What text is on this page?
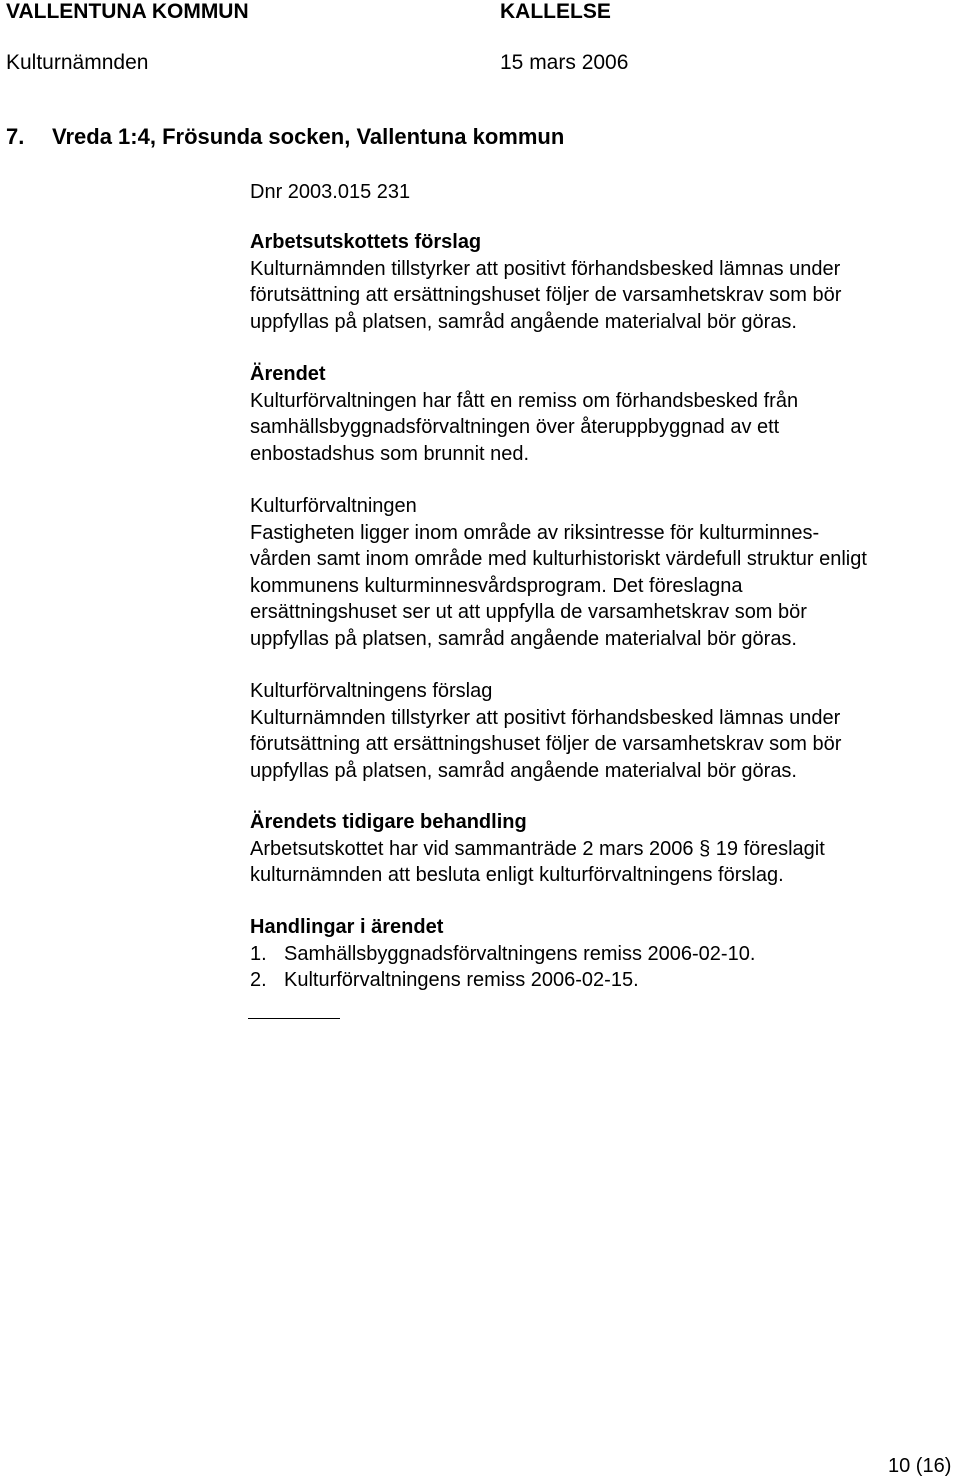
VALLENTUNA KOMMUN	KALLELSE
Kulturnämnden	15 mars 2006
7. Vreda 1:4, Frösunda socken, Vallentuna kommun
Dnr 2003.015 231
Arbetsutskottets förslag
Kulturnämnden tillstyrker att positivt förhandsbesked lämnas under
förutsättning att ersättningshuset följer de varsamhetskrav som bör
uppfyllas på platsen, samråd angående materialval bör göras.
Ärendet
Kulturförvaltningen har fått en remiss om förhandsbesked från
samhällsbyggnadsförvaltningen över återuppbyggnad av ett
enbostadshus som brunnit ned.
Kulturförvaltningen
Fastigheten ligger inom område av riksintresse för kulturminnes-
vården samt inom område med kulturhistoriskt värdefull struktur enligt
kommunens kulturminnesvårdsprogram. Det föreslagna
ersättningshuset ser ut att uppfylla de varsamhetskrav som bör
uppfyllas på platsen, samråd angående materialval bör göras.
Kulturförvaltningens förslag
Kulturnämnden tillstyrker att positivt förhandsbesked lämnas under
förutsättning att ersättningshuset följer de varsamhetskrav som bör
uppfyllas på platsen, samråd angående materialval bör göras.
Ärendets tidigare behandling
Arbetsutskottet har vid sammanträde 2 mars 2006 § 19 föreslagit
kulturnämnden att besluta enligt kulturförvaltningens förslag.
Handlingar i ärendet
1. Samhällsbyggnadsförvaltningens remiss 2006-02-10.
2. Kulturförvaltningens remiss 2006-02-15.
10 (16)
